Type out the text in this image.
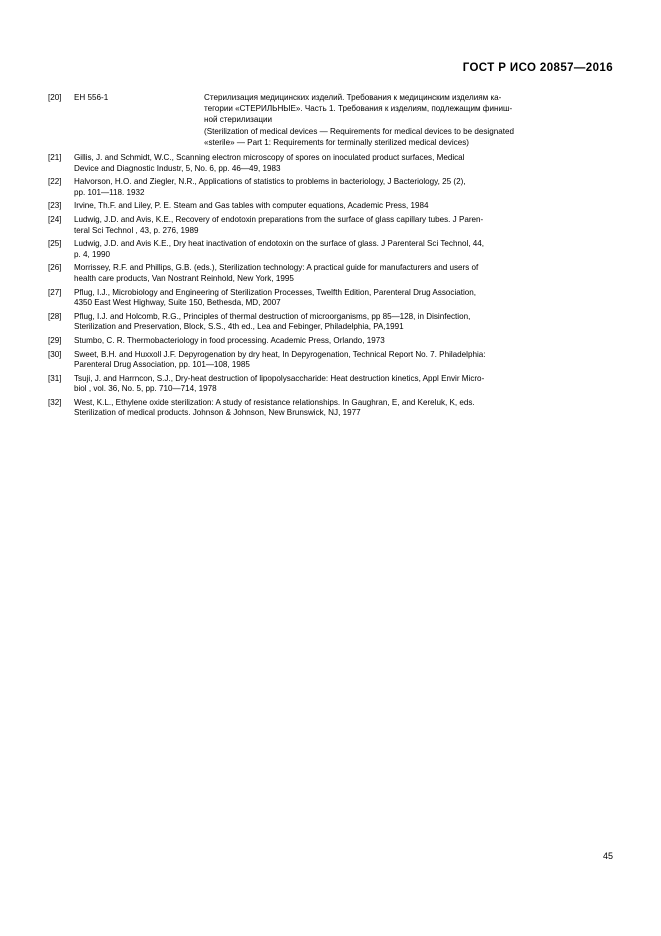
ГОСТ Р ИСО 20857—2016
[20]	EH 556-1	Стерилизация медицинских изделий. Требования к медицинским изделиям ка-
тегории «СТЕРИЛЬНЫЕ». Часть 1. Требования к изделиям, подлежащим финиш-
ной стерилизации
(Sterilization of medical devices — Requirements for medical devices to be designated
«sterile» — Part 1: Requirements for terminally sterilized medical devices)
[21]	Gillis, J. and Schmidt, W.C., Scanning electron microscopy of spores on inoculated product surfaces, Medical
Device and Diagnostic Industr, 5, No. 6, pp. 46—49, 1983
[22]	Halvorson, H.O. and Ziegler, N.R., Applications of statistics to problems in bacteriology, J Bacteriology, 25 (2),
pp. 101—118. 1932
[23]	Irvine, Th.F. and Liley, P. E. Steam and Gas tables with computer equations, Academic Press, 1984
[24]	Ludwig, J.D. and Avis, K.E., Recovery of endotoxin preparations from the surface of glass capillary tubes. J Paren-
teral Sci Technol , 43, p. 276, 1989
[25]	Ludwig, J.D. and Avis K.E., Dry heat inactivation of endotoxin on the surface of glass. J Parenteral Sci Technol, 44,
p. 4, 1990
[26]	Morrissey, R.F. and Phillips, G.B. (eds.), Sterilization technology: A practical guide for manufacturers and users of
health care products, Van Nostrant Reinhold, New York, 1995
[27]	Pflug, I.J., Microbiology and Engineering of Sterilization Processes, Twelfth Edition, Parenteral Drug Association,
4350 East West Highway, Suite 150, Bethesda, MD, 2007
[28]	Pflug, I.J. and Holcomb, R.G., Principles of thermal destruction of microorganisms, pp 85—128, in Disinfection,
Sterilization and Preservation, Block, S.S., 4th ed., Lea and Febinger, Philadelphia, PA,1991
[29]	Stumbo, C. R. Thermobacteriology in food processing. Academic Press, Orlando, 1973
[30]	Sweet, B.H. and Huxxoll J.F. Depyrogenation by dry heat, In Depyrogenation, Technical Report No. 7. Philadelphia:
Parenteral Drug Association, pp. 101—108, 1985
[31]	Tsuji, J. and Harrncon, S.J., Dry-heat destruction of lipopolysaccharide: Heat destruction kinetics, Appl Envir Micro-
biol , vol. 36, No. 5, pp. 710—714, 1978
[32]	West, K.L., Ethylene oxide sterilization: A study of resistance relationships. In Gaughran, E, and Kereluk, K, eds.
Sterilization of medical products. Johnson & Johnson, New Brunswick, NJ, 1977
45
